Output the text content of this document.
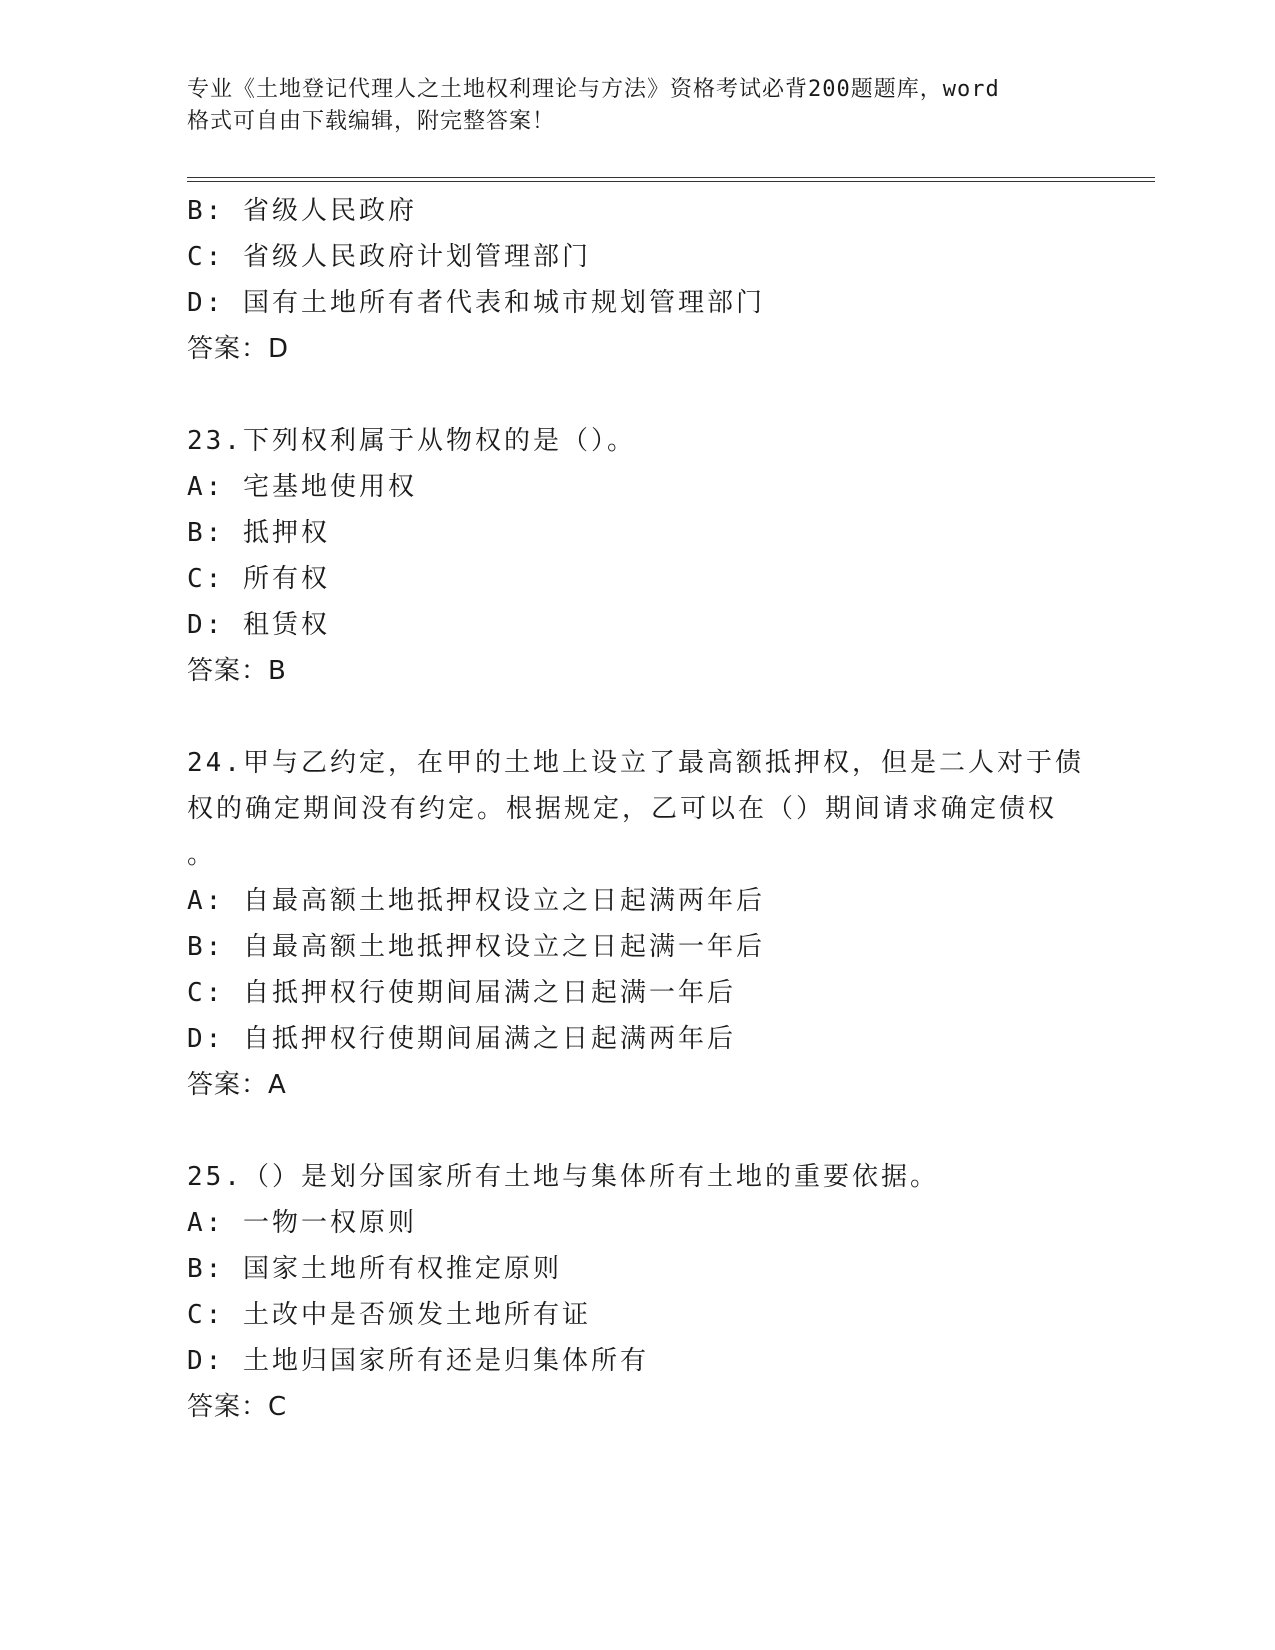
专业《土地登记代理人之土地权利理论与方法》资格考试必背200题题库，word
格式可自由下载编辑，附完整答案！
B: 省级人民政府
C: 省级人民政府计划管理部门
D: 国有土地所有者代表和城市规划管理部门
答案：D
23.下列权利属于从物权的是（）。
A: 宅基地使用权
B: 抵押权
C: 所有权
D: 租赁权
答案：B
24.甲与乙约定，在甲的土地上设立了最高额抵押权，但是二人对于债
权的确定期间没有约定。根据规定，乙可以在（）期间请求确定债权
。
A: 自最高额土地抵押权设立之日起满两年后
B: 自最高额土地抵押权设立之日起满一年后
C: 自抵押权行使期间届满之日起满一年后
D: 自抵押权行使期间届满之日起满两年后
答案：A
25.（）是划分国家所有土地与集体所有土地的重要依据。
A: 一物一权原则
B: 国家土地所有权推定原则
C: 土改中是否颁发土地所有证
D: 土地归国家所有还是归集体所有
答案：C
